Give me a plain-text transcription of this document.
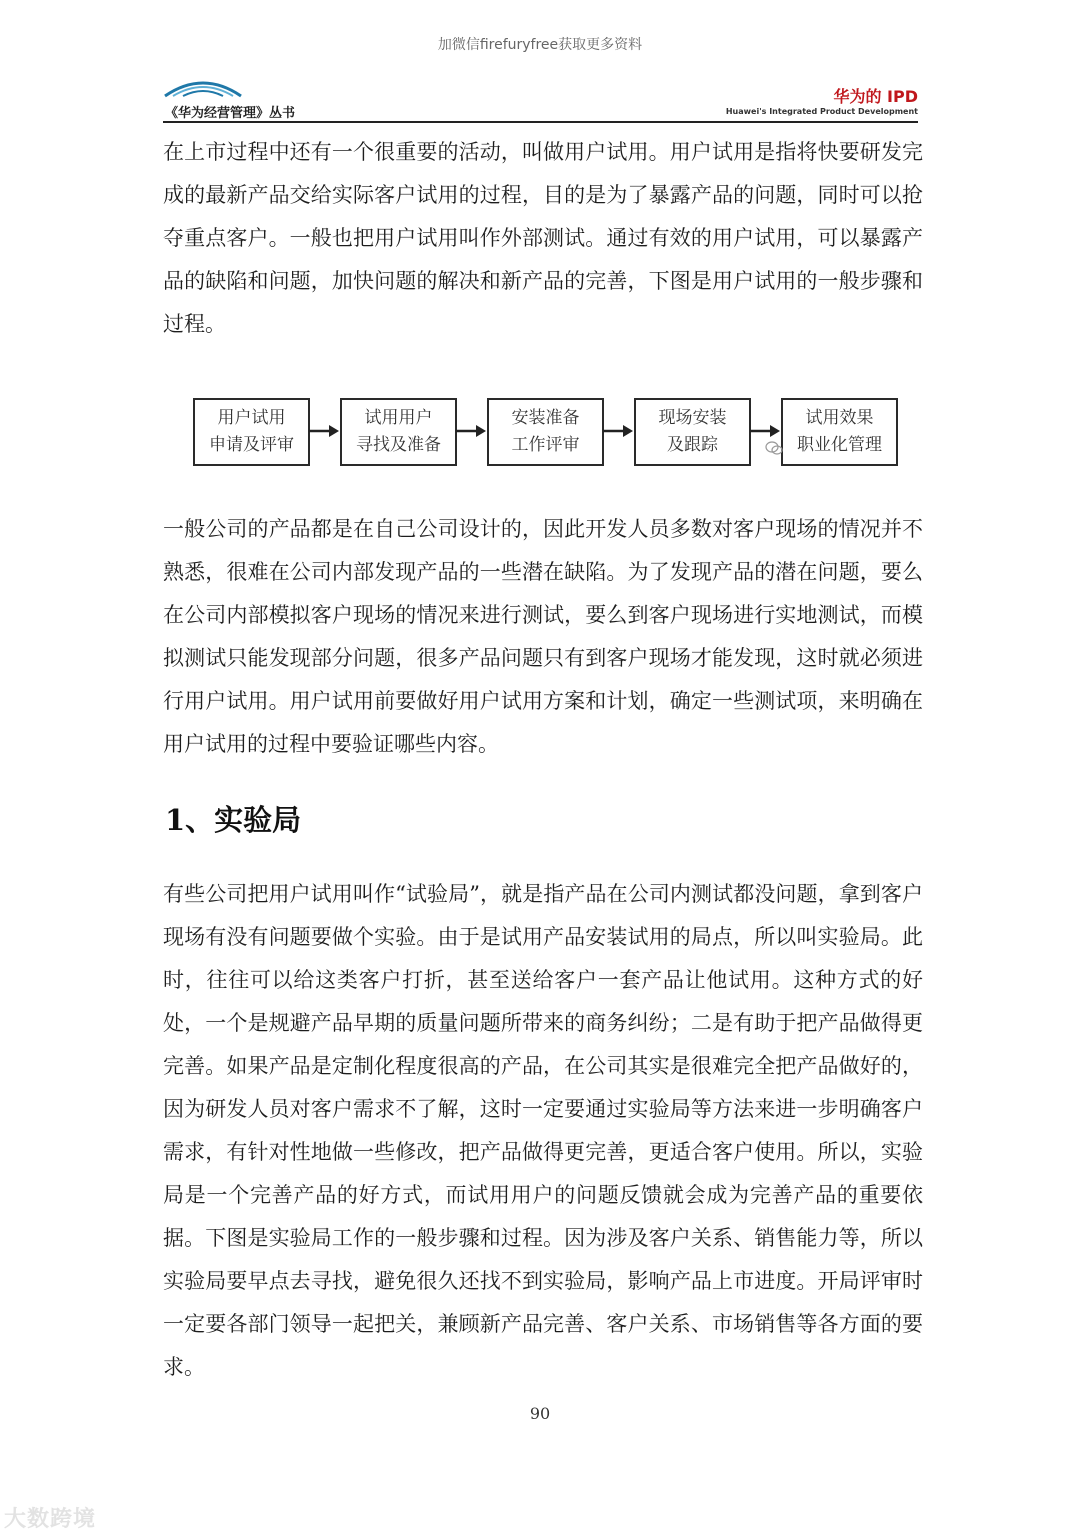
加微信firefuryfree获取更多资料
《华为经营管理》丛书
华为的 IPD
Huawei's Integrated Product Development

在上市过程中还有一个很重要的活动，叫做用户试用。用户试用是指将快要研发完成的最新产品交给实际客户试用的过程，目的是为了暴露产品的问题，同时可以抢夺重点客户。一般也把用户试用叫作外部测试。通过有效的用户试用，可以暴露产品的缺陷和问题，加快问题的解决和新产品的完善，下图是用户试用的一般步骤和过程。

用户试用
申请及评审
试用用户
寻找及准备
安装准备
工作评审
现场安装
及跟踪
试用效果
职业化管理

一般公司的产品都是在自己公司设计的，因此开发人员多数对客户现场的情况并不熟悉，很难在公司内部发现产品的一些潜在缺陷。为了发现产品的潜在问题，要么在公司内部模拟客户现场的情况来进行测试，要么到客户现场进行实地测试，而模拟测试只能发现部分问题，很多产品问题只有到客户现场才能发现，这时就必须进行用户试用。用户试用前要做好用户试用方案和计划，确定一些测试项，来明确在用户试用的过程中要验证哪些内容。

1、实验局

有些公司把用户试用叫作“试验局”，就是指产品在公司内测试都没问题，拿到客户现场有没有问题要做个实验。由于是试用产品安装试用的局点，所以叫实验局。此时，往往可以给这类客户打折，甚至送给客户一套产品让他试用。这种方式的好处，一个是规避产品早期的质量问题所带来的商务纠纷；二是有助于把产品做得更完善。如果产品是定制化程度很高的产品，在公司其实是很难完全把产品做好的，因为研发人员对客户需求不了解，这时一定要通过实验局等方法来进一步明确客户需求，有针对性地做一些修改，把产品做得更完善，更适合客户使用。所以，实验局是一个完善产品的好方式，而试用用户的问题反馈就会成为完善产品的重要依据。下图是实验局工作的一般步骤和过程。因为涉及客户关系、销售能力等，所以实验局要早点去寻找，避免很久还找不到实验局，影响产品上市进度。开局评审时一定要各部门领导一起把关，兼顾新产品完善、客户关系、市场销售等各方面的要求。

90
大数跨境
